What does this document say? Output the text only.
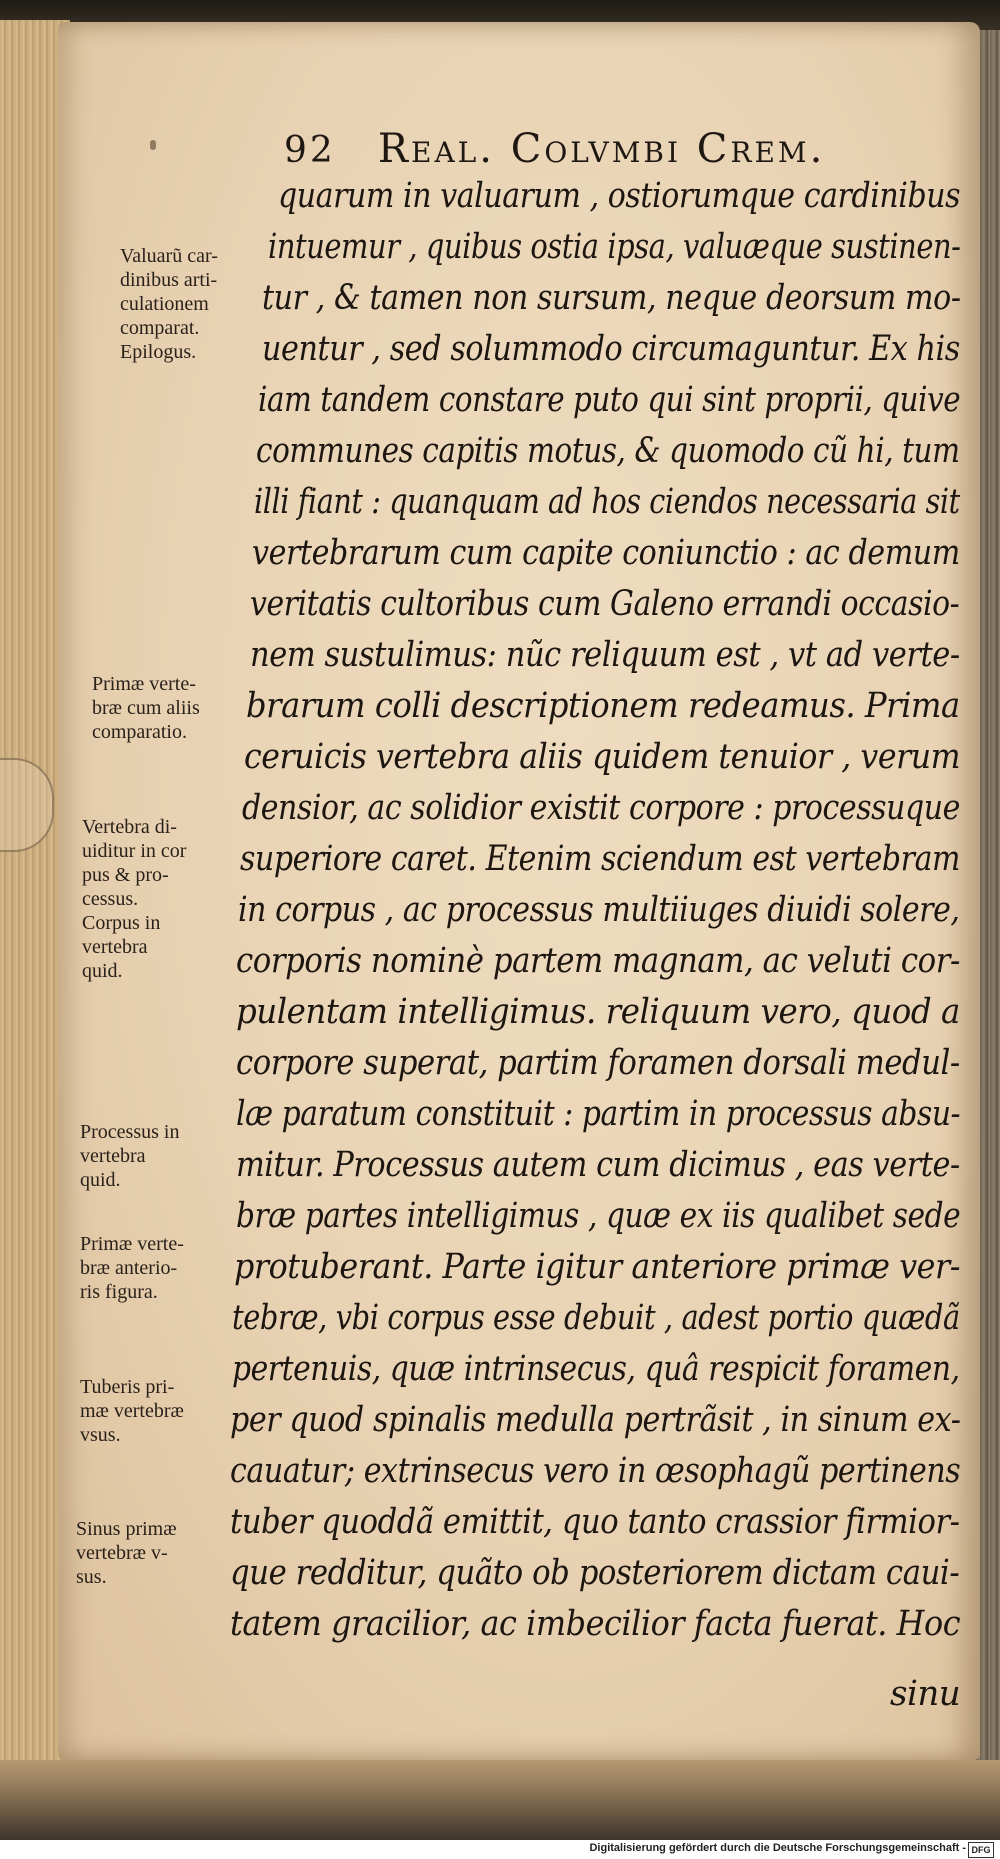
92 Real. Colvmbi Crem.
quarum in valuarum , ostiorumque cardinibus
intuemur , quibus ostia ipsa, valuæque sustinen-
tur , & tamen non sursum, neque deorsum mo-
uentur , sed solummodo circumaguntur. Ex his
iam tandem constare puto qui sint proprii, quive
communes capitis motus, & quomodo cũ hi, tum
illi fiant : quanquam ad hos ciendos necessaria sit
vertebrarum cum capite coniunctio : ac demum
veritatis cultoribus cum Galeno errandi occasio-
nem sustulimus: nũc reliquum est , vt ad verte-
brarum colli descriptionem redeamus. Prima
ceruicis vertebra aliis quidem tenuior , verum
densior, ac solidior existit corpore : processuque
superiore caret. Etenim sciendum est vertebram
in corpus , ac processus multiiuges diuidi solere,
corporis nominè partem magnam, ac veluti cor-
pulentam intelligimus. reliquum vero, quod a
corpore superat, partim foramen dorsali medul-
læ paratum constituit : partim in processus absu-
mitur. Processus autem cum dicimus , eas verte-
bræ partes intelligimus , quæ ex iis qualibet sede
protuberant. Parte igitur anteriore primæ ver-
tebræ, vbi corpus esse debuit , adest portio quædã
pertenuis, quæ intrinsecus, quâ respicit foramen,
per quod spinalis medulla pertrãsit , in sinum ex-
cauatur; extrinsecus vero in œsophagũ pertinens
tuber quoddã emittit, quo tanto crassior firmior-
que redditur, quãto ob posteriorem dictam caui-
tatem gracilior, ac imbecilior facta fuerat. Hoc
sinu
Valuarũ car-
dinibus arti-
culationem
comparat.
Epilogus.
Primæ verte-
bræ cum aliis
comparatio.
Vertebra di-
uiditur in cor
pus & pro-
cessus.
Corpus in
vertebra
quid.
Processus in
vertebra
quid.
Primæ verte-
bræ anterio-
ris figura.
Tuberis pri-
mæ vertebræ
vsus.
Sinus primæ
vertebræ v-
sus.
Digitalisierung gefördert durch die Deutsche Forschungsgemeinschaft - DFG
